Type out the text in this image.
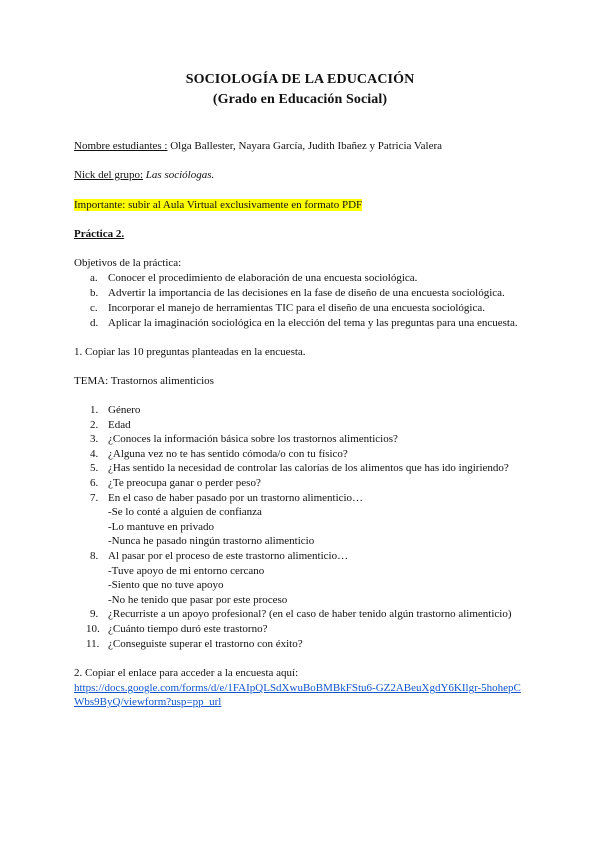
SOCIOLOGÍA DE LA EDUCACIÓN
(Grado en Educación Social)
Nombre estudiantes : Olga Ballester, Nayara García, Judith Ibañez y Patricia Valera
Nick del grupo: Las sociólogas.
Importante: subir al Aula Virtual exclusivamente en formato PDF
Práctica 2.
Objetivos de la práctica:
a. Conocer el procedimiento de elaboración de una encuesta sociológica.
b. Advertir la importancia de las decisiones en la fase de diseño de una encuesta sociológica.
c. Incorporar el manejo de herramientas TIC para el diseño de una encuesta sociológica.
d. Aplicar la imaginación sociológica en la elección del tema y las preguntas para una encuesta.
1. Copiar las 10 preguntas planteadas en la encuesta.
TEMA: Trastornos alimenticios
1. Género
2. Edad
3. ¿Conoces la información básica sobre los trastornos alimenticios?
4. ¿Alguna vez no te has sentido cómoda/o con tu físico?
5. ¿Has sentido la necesidad de controlar las calorías de los alimentos que has ido ingiriendo?
6. ¿Te preocupa ganar o perder peso?
7. En el caso de haber pasado por un trastorno alimenticio…
-Se lo conté a alguien de confianza
-Lo mantuve en privado
-Nunca he pasado ningún trastorno alimenticio
8. Al pasar por el proceso de este trastorno alimenticio…
-Tuve apoyo de mi entorno cercano
-Siento que no tuve apoyo
-No he tenido que pasar por este proceso
9. ¿Recurriste a un apoyo profesional? (en el caso de haber tenido algún trastorno alimenticio)
10. ¿Cuánto tiempo duró este trastorno?
11. ¿Conseguiste superar el trastorno con éxito?
2. Copiar el enlace para acceder a la encuesta aquí:
https://docs.google.com/forms/d/e/1FAIpQLSdXwuBoBMBkFStu6-GZ2ABeuXgdY6KIlgr-5hohepC
Wbs9ByQ/viewform?usp=pp_url
